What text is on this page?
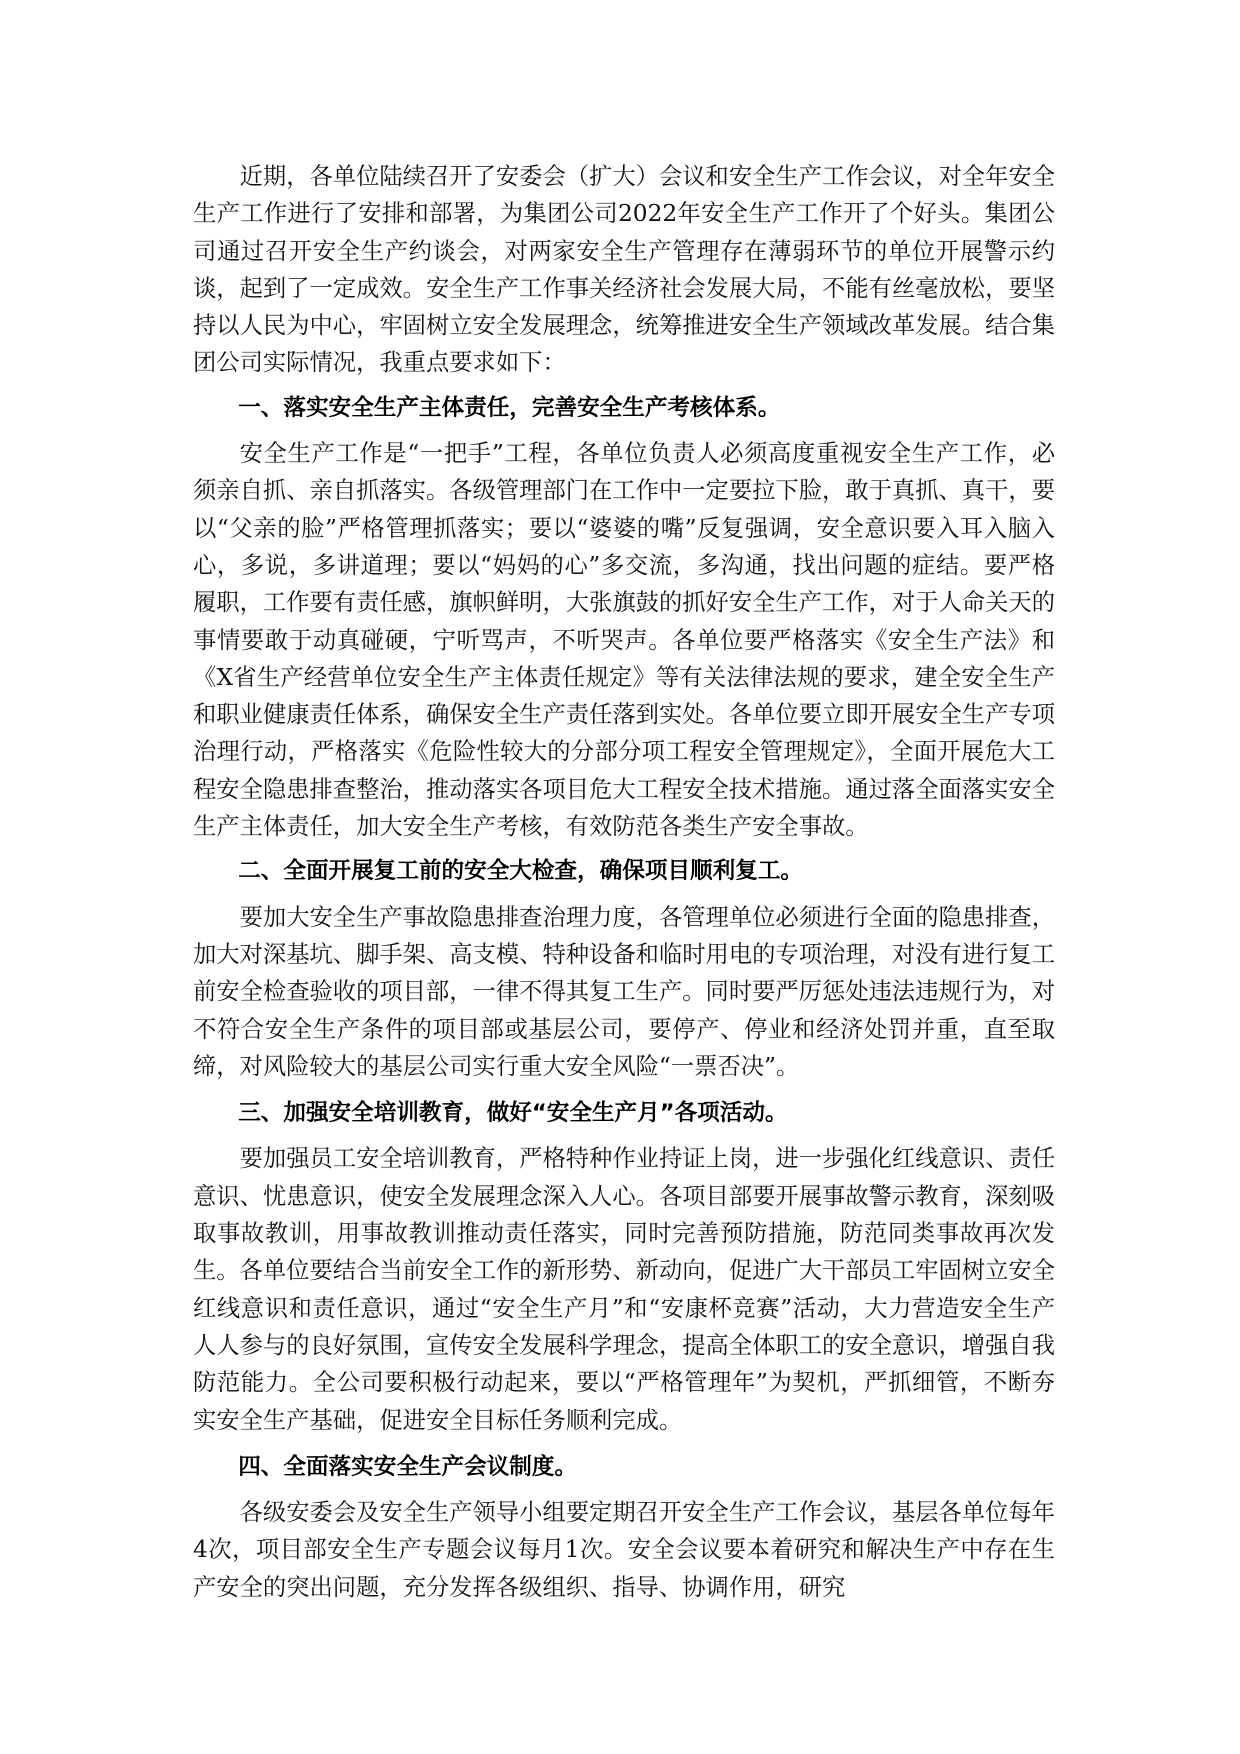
近期，各单位陆续召开了安委会（扩大）会议和安全生产工作会议，对全年安全生产工作进行了安排和部署，为集团公司2022年安全生产工作开了个好头。集团公司通过召开安全生产约谈会，对两家安全生产管理存在薄弱环节的单位开展警示约谈，起到了一定成效。安全生产工作事关经济社会发展大局，不能有丝毫放松，要坚持以人民为中心，牢固树立安全发展理念，统筹推进安全生产领域改革发展。结合集团公司实际情况，我重点要求如下：

一、落实安全生产主体责任，完善安全生产考核体系。

安全生产工作是“一把手”工程，各单位负责人必须高度重视安全生产工作，必须亲自抓、亲自抓落实。各级管理部门在工作中一定要拉下脸，敢于真抓、真干，要以“父亲的脸”严格管理抓落实；要以“婆婆的嘴”反复强调，安全意识要入耳入脑入心，多说，多讲道理；要以“妈妈的心”多交流，多沟通，找出问题的症结。要严格履职，工作要有责任感，旗帜鲜明，大张旗鼓的抓好安全生产工作，对于人命关天的事情要敢于动真碰硬，宁听骂声，不听哭声。各单位要严格落实《安全生产法》和《X省生产经营单位安全生产主体责任规定》等有关法律法规的要求，建全安全生产和职业健康责任体系，确保安全生产责任落到实处。各单位要立即开展安全生产专项治理行动，严格落实《危险性较大的分部分项工程安全管理规定》，全面开展危大工程安全隐患排查整治，推动落实各项目危大工程安全技术措施。通过落全面落实安全生产主体责任，加大安全生产考核，有效防范各类生产安全事故。

二、全面开展复工前的安全大检查，确保项目顺利复工。

要加大安全生产事故隐患排查治理力度，各管理单位必须进行全面的隐患排查，加大对深基坑、脚手架、高支模、特种设备和临时用电的专项治理，对没有进行复工前安全检查验收的项目部，一律不得其复工生产。同时要严厉惩处违法违规行为，对不符合安全生产条件的项目部或基层公司，要停产、停业和经济处罚并重，直至取缔，对风险较大的基层公司实行重大安全风险“一票否决”。

三、加强安全培训教育，做好“安全生产月”各项活动。

要加强员工安全培训教育，严格特种作业持证上岗，进一步强化红线意识、责任意识、忧患意识，使安全发展理念深入人心。各项目部要开展事故警示教育，深刻吸取事故教训，用事故教训推动责任落实，同时完善预防措施，防范同类事故再次发生。各单位要结合当前安全工作的新形势、新动向，促进广大干部员工牢固树立安全红线意识和责任意识，通过“安全生产月”和“安康杯竞赛”活动，大力营造安全生产人人参与的良好氛围，宣传安全发展科学理念，提高全体职工的安全意识，增强自我防范能力。全公司要积极行动起来，要以“严格管理年”为契机，严抓细管，不断夯实安全生产基础，促进安全目标任务顺利完成。

四、全面落实安全生产会议制度。

各级安委会及安全生产领导小组要定期召开安全生产工作会议，基层各单位每年4次，项目部安全生产专题会议每月1次。安全会议要本着研究和解决生产中存在生产安全的突出问题，充分发挥各级组织、指导、协调作用，研究
